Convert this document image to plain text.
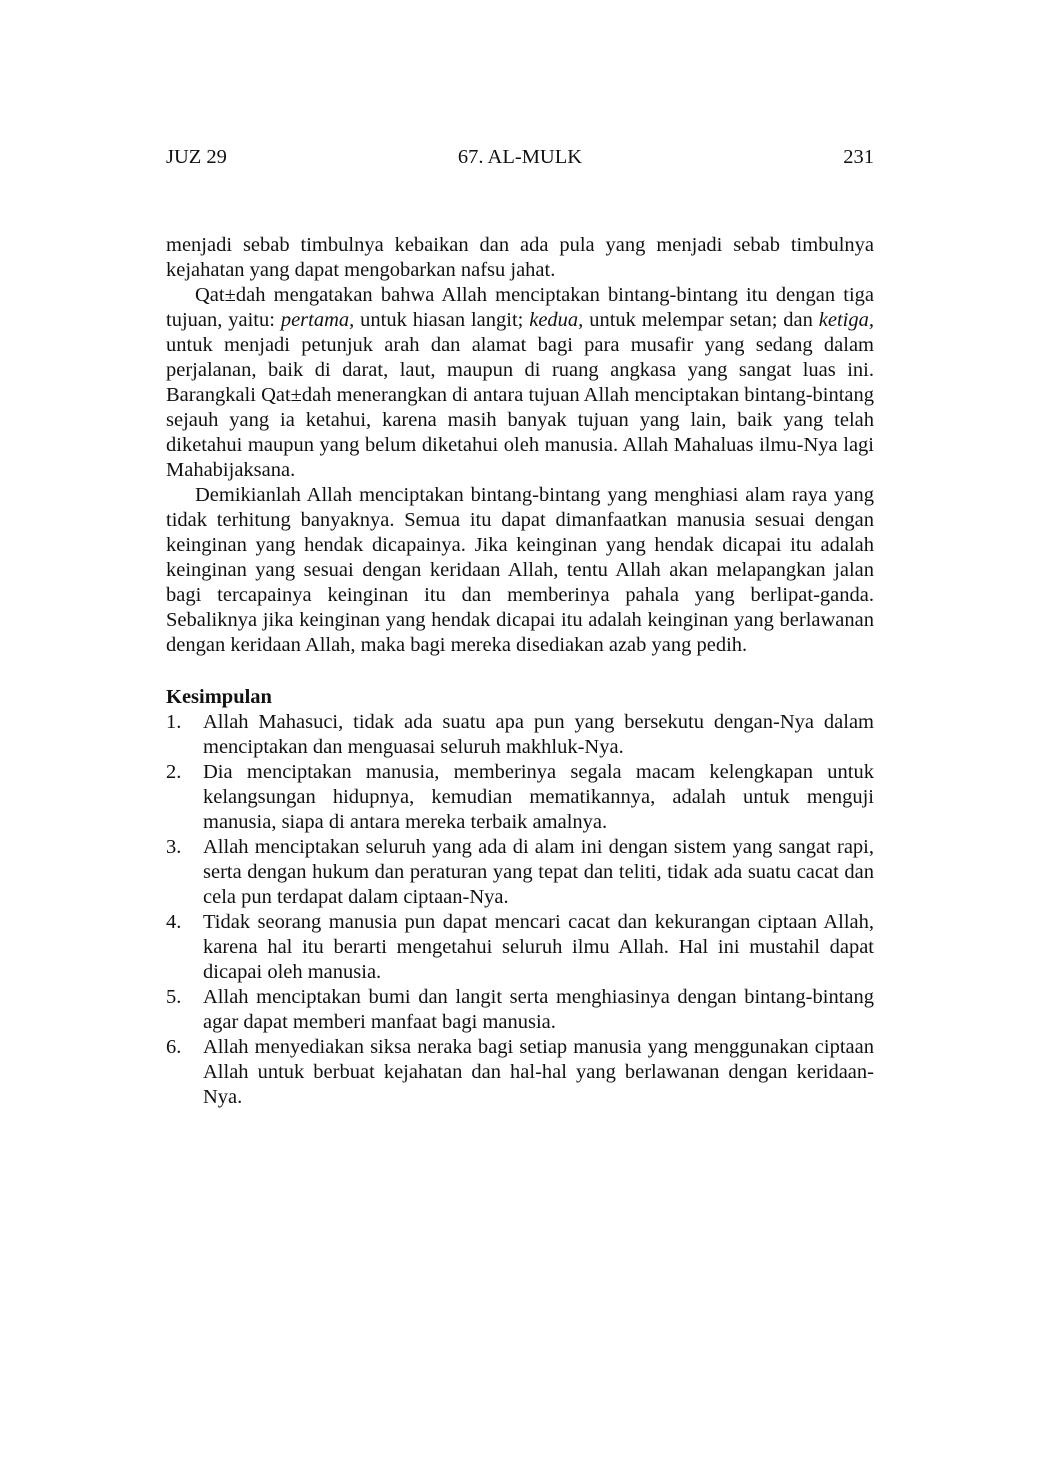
67. AL-MULK
JUZ 29	231

menjadi sebab timbulnya kebaikan dan ada pula yang menjadi sebab timbulnya kejahatan yang dapat mengobarkan nafsu jahat.

Qat±dah mengatakan bahwa Allah menciptakan bintang-bintang itu dengan tiga tujuan, yaitu: pertama, untuk hiasan langit; kedua, untuk melempar setan; dan ketiga, untuk menjadi petunjuk arah dan alamat bagi para musafir yang sedang dalam perjalanan, baik di darat, laut, maupun di ruang angkasa yang sangat luas ini. Barangkali Qat±dah menerangkan di antara tujuan Allah menciptakan bintang-bintang sejauh yang ia ketahui, karena masih banyak tujuan yang lain, baik yang telah diketahui maupun yang belum diketahui oleh manusia. Allah Mahaluas ilmu-Nya lagi Mahabijaksana.

Demikianlah Allah menciptakan bintang-bintang yang menghiasi alam raya yang tidak terhitung banyaknya. Semua itu dapat dimanfaatkan manusia sesuai dengan keinginan yang hendak dicapainya. Jika keinginan yang hendak dicapai itu adalah keinginan yang sesuai dengan keridaan Allah, tentu Allah akan melapangkan jalan bagi tercapainya keinginan itu dan memberinya pahala yang berlipat-ganda. Sebaliknya jika keinginan yang hendak dicapai itu adalah keinginan yang berlawanan dengan keridaan Allah, maka bagi mereka disediakan azab yang pedih.

Kesimpulan
1. Allah Mahasuci, tidak ada suatu apa pun yang bersekutu dengan-Nya dalam menciptakan dan menguasai seluruh makhluk-Nya.
2. Dia menciptakan manusia, memberinya segala macam kelengkapan untuk kelangsungan hidupnya, kemudian mematikannya, adalah untuk menguji manusia, siapa di antara mereka terbaik amalnya.
3. Allah menciptakan seluruh yang ada di alam ini dengan sistem yang sangat rapi, serta dengan hukum dan peraturan yang tepat dan teliti, tidak ada suatu cacat dan cela pun terdapat dalam ciptaan-Nya.
4. Tidak seorang manusia pun dapat mencari cacat dan kekurangan ciptaan Allah, karena hal itu berarti mengetahui seluruh ilmu Allah. Hal ini mustahil dapat dicapai oleh manusia.
5. Allah menciptakan bumi dan langit serta menghiasinya dengan bintang-bintang agar dapat memberi manfaat bagi manusia.
6. Allah menyediakan siksa neraka bagi setiap manusia yang menggunakan ciptaan Allah untuk berbuat kejahatan dan hal-hal yang berlawanan dengan keridaan-Nya.
